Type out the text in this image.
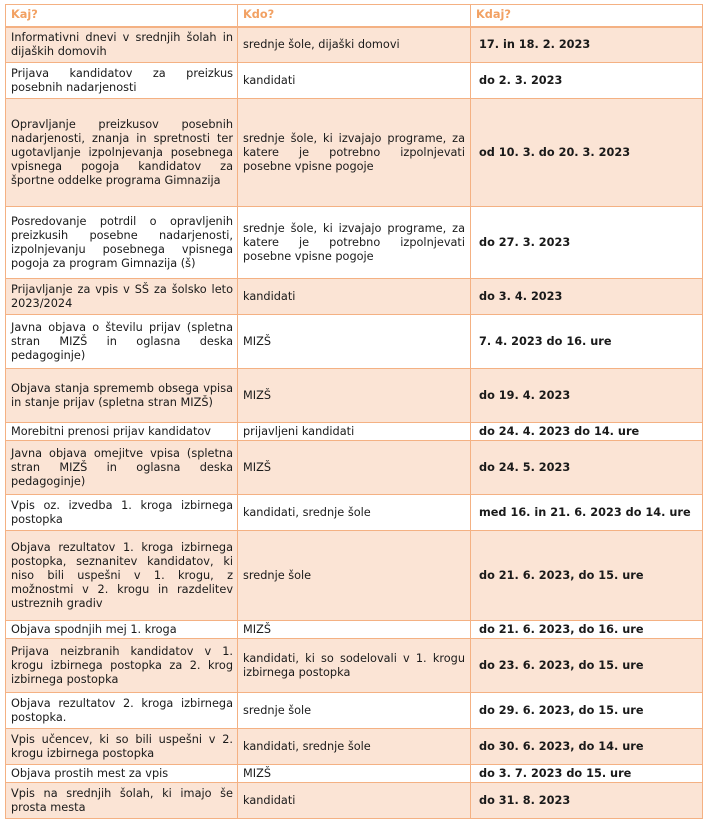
Kaj?	Kdo?	Kdaj?
Informativni dnevi v srednjih šolah in dijaških domovih	srednje šole, dijaški domovi	17. in 18. 2. 2023
Prijava kandidatov za preizkus posebnih nadarjenosti	kandidati	do 2. 3. 2023
Opravljanje preizkusov posebnih nadarjenosti, znanja in spretnosti ter ugotavljanje izpolnjevanja posebnega vpisnega pogoja kandidatov za športne oddelke programa Gimnazija	srednje šole, ki izvajajo programe, za katere je potrebno izpolnjevati posebne vpisne pogoje	od 10. 3. do 20. 3. 2023
Posredovanje potrdil o opravljenih preizkusih posebne nadarjenosti, izpolnjevanju posebnega vpisnega pogoja za program Gimnazija (š)	srednje šole, ki izvajajo programe, za katere je potrebno izpolnjevati posebne vpisne pogoje	do 27. 3. 2023
Prijavljanje za vpis v SŠ za šolsko leto 2023/2024	kandidati	do 3. 4. 2023
Javna objava o številu prijav (spletna stran MIZŠ in oglasna deska pedagoginje)	MIZŠ	7. 4. 2023 do 16. ure
Objava stanja sprememb obsega vpisa in stanje prijav (spletna stran MIZŠ)	MIZŠ	do 19. 4. 2023
Morebitni prenosi prijav kandidatov	prijavljeni kandidati	do 24. 4. 2023 do 14. ure
Javna objava omejitve vpisa (spletna stran MIZŠ in oglasna deska pedagoginje)	MIZŠ	do 24. 5. 2023
Vpis oz. izvedba 1. kroga izbirnega postopka	kandidati, srednje šole	med 16. in 21. 6. 2023 do 14. ure
Objava rezultatov 1. kroga izbirnega postopka, seznanitev kandidatov, ki niso bili uspešni v 1. krogu, z možnostmi v 2. krogu in razdelitev ustreznih gradiv	srednje šole	do 21. 6. 2023, do 15. ure
Objava spodnjih mej 1. kroga	MIZŠ	do 21. 6. 2023, do 16. ure
Prijava neizbranih kandidatov v 1. krogu izbirnega postopka za 2. krog izbirnega postopka	kandidati, ki so sodelovali v 1. krogu izbirnega postopka	do 23. 6. 2023, do 15. ure
Objava rezultatov 2. kroga izbirnega postopka.	srednje šole	do 29. 6. 2023, do 15. ure
Vpis učencev, ki so bili uspešni v 2. krogu izbirnega postopka	kandidati, srednje šole	do 30. 6. 2023, do 14. ure
Objava prostih mest za vpis	MIZŠ	do 3. 7. 2023 do 15. ure
Vpis na srednjih šolah, ki imajo še prosta mesta	kandidati	do 31. 8. 2023
